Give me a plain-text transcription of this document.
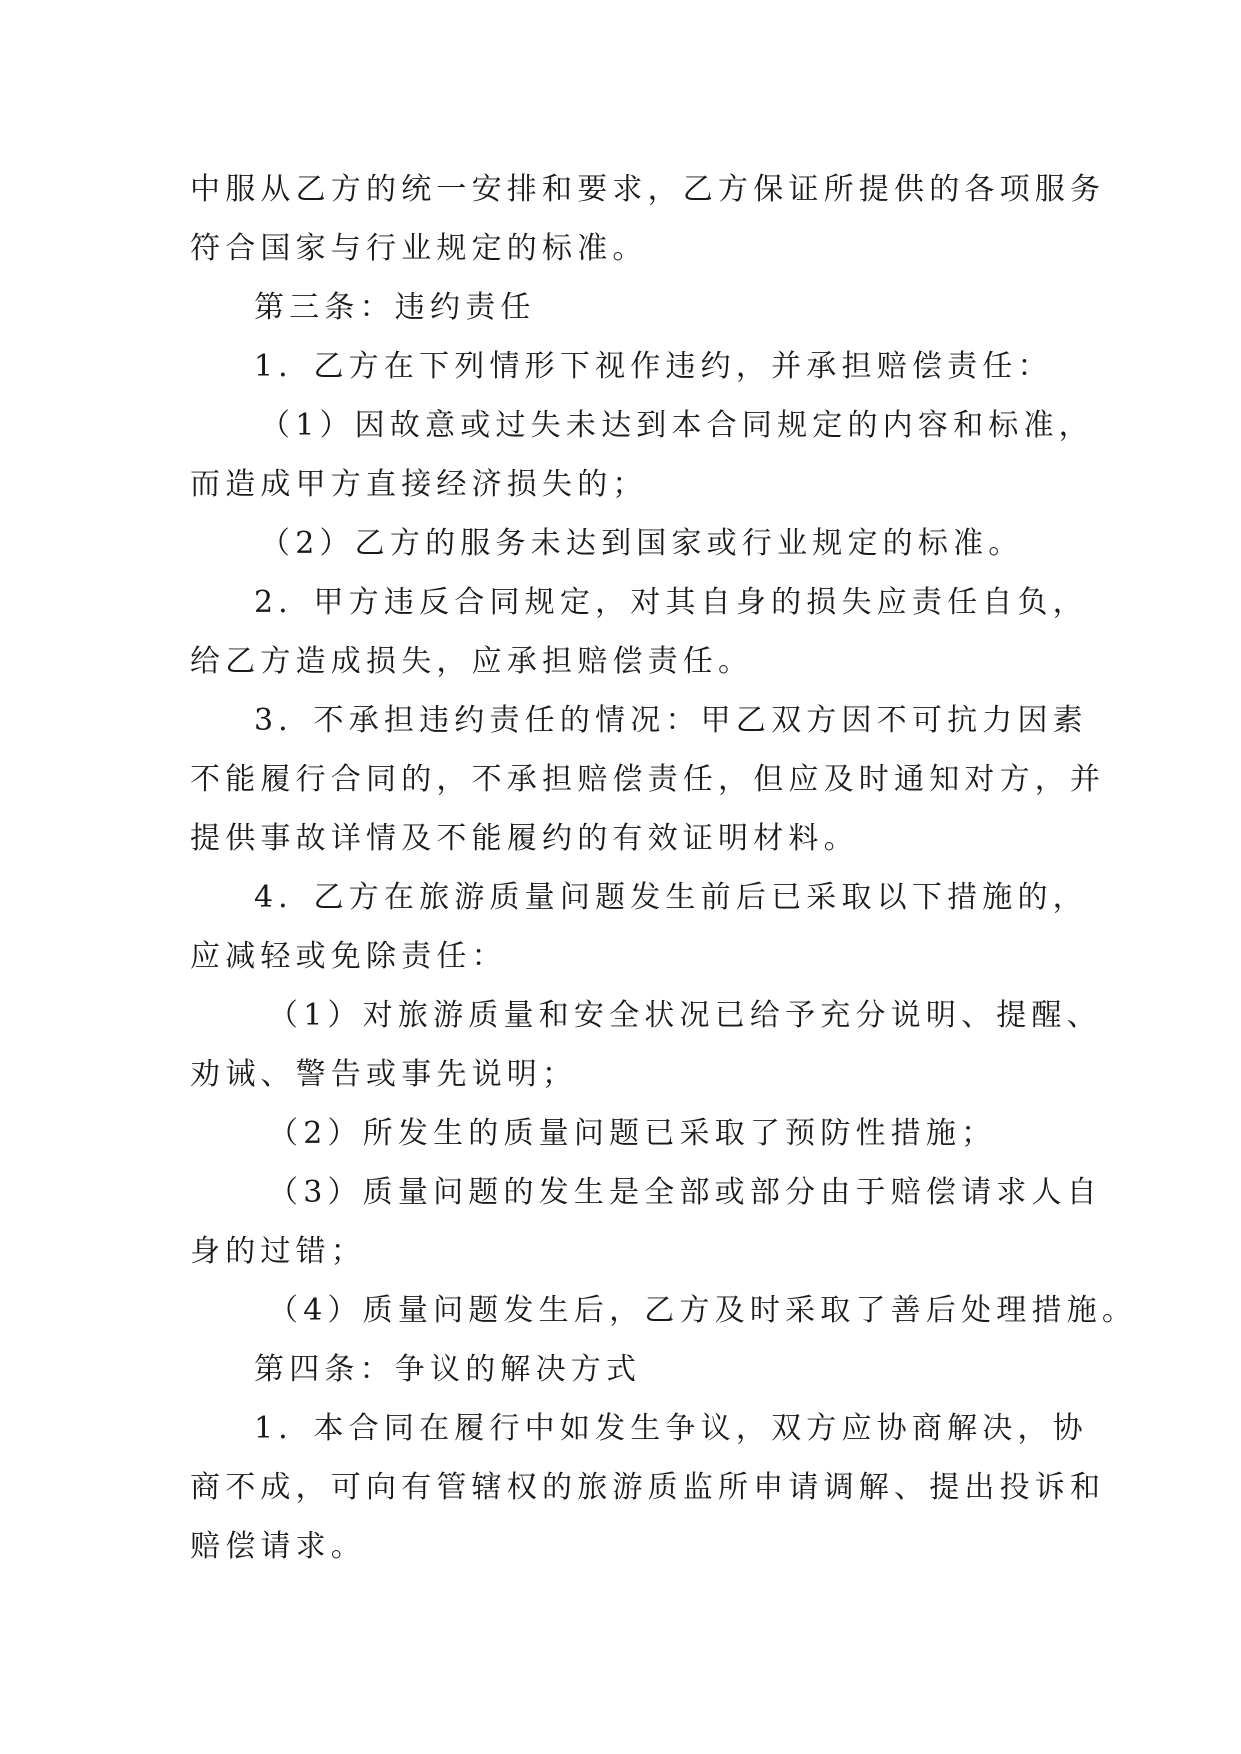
中服从乙方的统一安排和要求，乙方保证所提供的各项服务
符合国家与行业规定的标准。
第三条：违约责任
1．乙方在下列情形下视作违约，并承担赔偿责任：
（1）因故意或过失未达到本合同规定的内容和标准，
而造成甲方直接经济损失的；
（2）乙方的服务未达到国家或行业规定的标准。
2．甲方违反合同规定，对其自身的损失应责任自负，
给乙方造成损失，应承担赔偿责任。
3．不承担违约责任的情况：甲乙双方因不可抗力因素
不能履行合同的，不承担赔偿责任，但应及时通知对方，并
提供事故详情及不能履约的有效证明材料。
4．乙方在旅游质量问题发生前后已采取以下措施的，
应减轻或免除责任：
（1）对旅游质量和安全状况已给予充分说明、提醒、
劝诫、警告或事先说明；
（2）所发生的质量问题已采取了预防性措施；
（3）质量问题的发生是全部或部分由于赔偿请求人自
身的过错；
（4）质量问题发生后，乙方及时采取了善后处理措施。
第四条：争议的解决方式
1．本合同在履行中如发生争议，双方应协商解决，协
商不成，可向有管辖权的旅游质监所申请调解、提出投诉和
赔偿请求。
